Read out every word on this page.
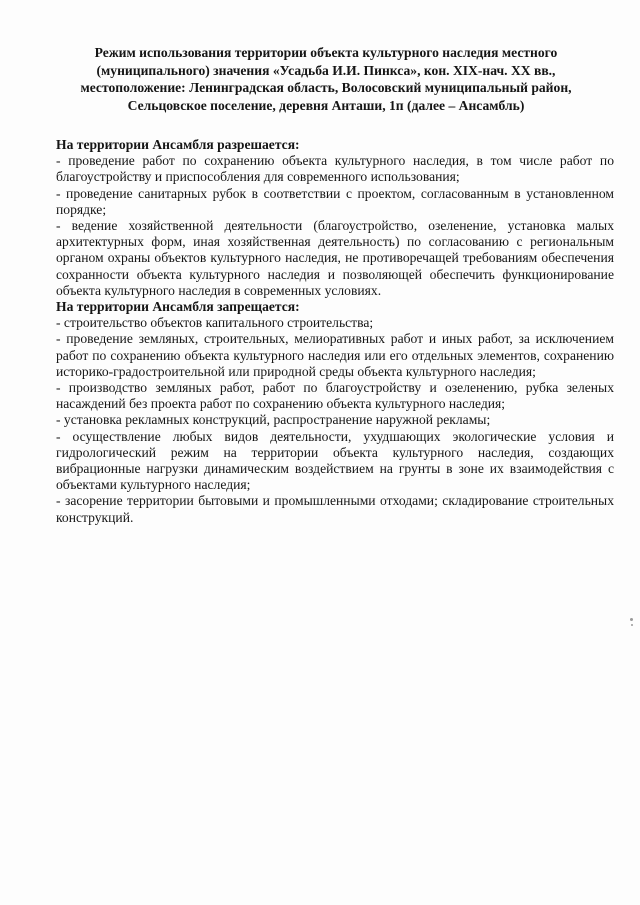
Режим использования территории объекта культурного наследия местного (муниципального) значения «Усадьба И.И. Пинкса», кон. XIX-нач. XX вв., местоположение: Ленинградская область, Волосовский муниципальный район, Сельцовское поселение, деревня Анташи, 1п (далее – Ансамбль)
На территории Ансамбля разрешается:
- проведение работ по сохранению объекта культурного наследия, в том числе работ по благоустройству и приспособления для современного использования;
- проведение санитарных рубок в соответствии с проектом, согласованным в установленном порядке;
- ведение хозяйственной деятельности (благоустройство, озеленение, установка малых архитектурных форм, иная хозяйственная деятельность) по согласованию с региональным органом охраны объектов культурного наследия, не противоречащей требованиям обеспечения сохранности объекта культурного наследия и позволяющей обеспечить функционирование объекта культурного наследия в современных условиях.
На территории Ансамбля запрещается:
- строительство объектов капитального строительства;
- проведение земляных, строительных, мелиоративных работ и иных работ, за исключением работ по сохранению объекта культурного наследия или его отдельных элементов, сохранению историко-градостроительной или природной среды объекта культурного наследия;
- производство земляных работ, работ по благоустройству и озеленению, рубка зеленых насаждений без проекта работ по сохранению объекта культурного наследия;
- установка рекламных конструкций, распространение наружной рекламы;
- осуществление любых видов деятельности, ухудшающих экологические условия и гидрологический режим на территории объекта культурного наследия, создающих вибрационные нагрузки динамическим воздействием на грунты в зоне их взаимодействия с объектами культурного наследия;
- засорение территории бытовыми и промышленными отходами; складирование строительных конструкций.
